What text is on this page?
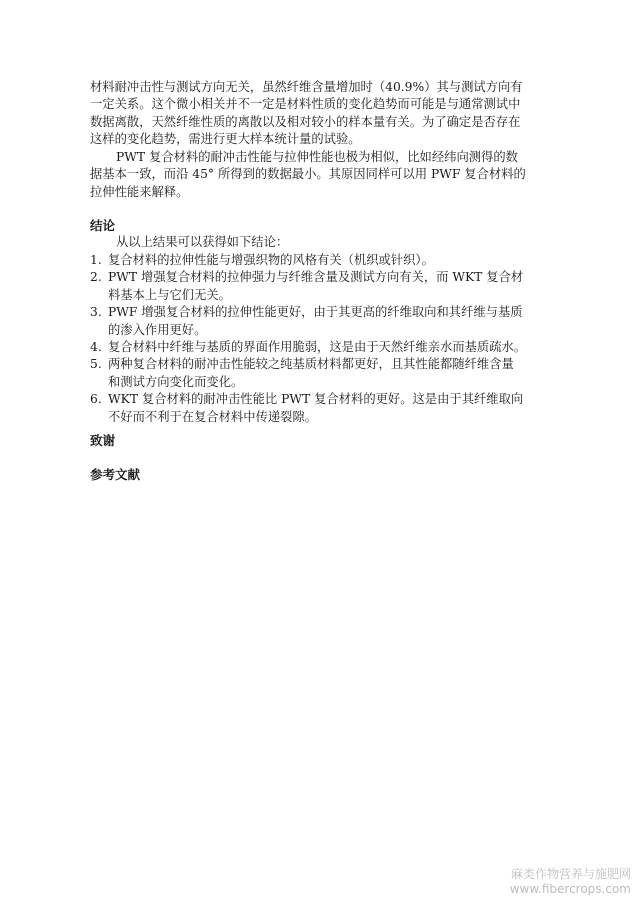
材料耐冲击性与测试方向无关，虽然纤维含量增加时（40.9%）其与测试方向有
一定关系。这个微小相关并不一定是材料性质的变化趋势而可能是与通常测试中
数据离散，天然纤维性质的离散以及相对较小的样本量有关。为了确定是否存在
这样的变化趋势，需进行更大样本统计量的试验。
PWT 复合材料的耐冲击性能与拉伸性能也极为相似，比如经纬向测得的数
据基本一致，而沿 45° 所得到的数据最小。其原因同样可以用 PWF 复合材料的
拉伸性能来解释。
结论
从以上结果可以获得如下结论：
1. 复合材料的拉伸性能与增强织物的风格有关（机织或针织）。
2. PWT 增强复合材料的拉伸强力与纤维含量及测试方向有关，而 WKT 复合材
料基本上与它们无关。
3. PWF 增强复合材料的拉伸性能更好，由于其更高的纤维取向和其纤维与基质
的渗入作用更好。
4. 复合材料中纤维与基质的界面作用脆弱，这是由于天然纤维亲水而基质疏水。
5. 两种复合材料的耐冲击性能较之纯基质材料都更好，且其性能都随纤维含量
和测试方向变化而变化。
6. WKT 复合材料的耐冲击性能比 PWT 复合材料的更好。这是由于其纤维取向
不好而不利于在复合材料中传递裂隙。
致谢
参考文献
麻类作物营养与施肥网
www.fibercrops.com
